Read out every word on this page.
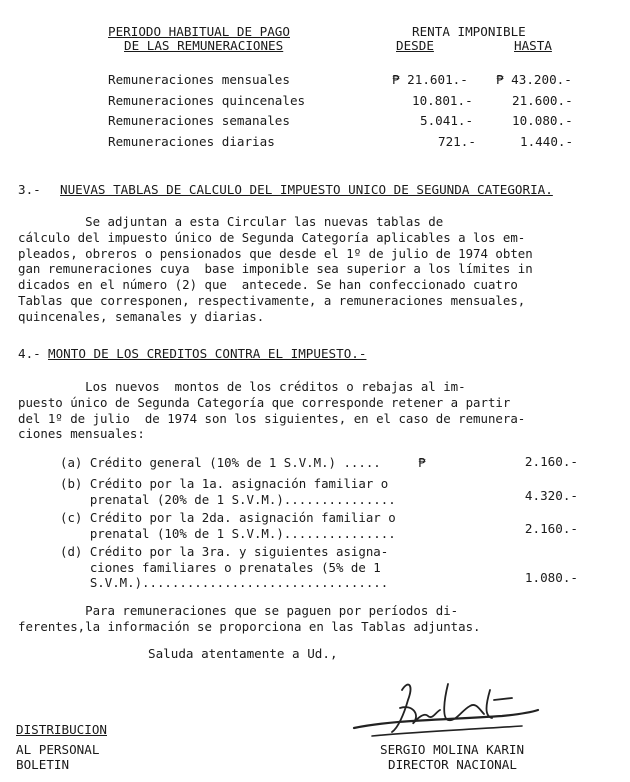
PERIODO HABITUAL DE PAGO
DE LAS REMUNERACIONES
RENTA IMPONIBLE
DESDE	HASTA
Remuneraciones mensuales	₱ 21.601.- ₱ 43.200.-
Remuneraciones quincenales	10.801.-	21.600.-
Remuneraciones semanales	5.041.-	10.080.-
Remuneraciones diarias	721.-	1.440.-
3.- NUEVAS TABLAS DE CALCULO DEL IMPUESTO UNICO DE SEGUNDA CATEGORIA.
Se adjuntan a esta Circular las nuevas tablas de
cálculo del impuesto único de Segunda Categoría aplicables a los em-
pleados, obreros o pensionados que desde el 1º de julio de 1974 obten
gan remuneraciones cuya  base imponible sea superior a los límites in
dicados en el número (2) que  antecede. Se han confeccionado cuatro
Tablas que corresponen, respectivamente, a remuneraciones mensuales,
quincenales, semanales y diarias.
4.- MONTO DE LOS CREDITOS CONTRA EL IMPUESTO.-
Los nuevos  montos de los créditos o rebajas al im-
puesto único de Segunda Categoría que corresponde retener a partir
del 1º de julio  de 1974 son los siguientes, en el caso de remunera-
ciones mensuales:
(a) Crédito general (10% de 1 S.V.M.) .....     ₱	2.160.-
(b) Crédito por la 1a. asignación familiar o
prenatal (20% de 1 S.V.M.)...............	4.320.-
(c) Crédito por la 2da. asignación familiar o
prenatal (10% de 1 S.V.M.)...............	2.160.-
(d) Crédito por la 3ra. y siguientes asigna-
ciones familiares o prenatales (5% de 1
S.V.M.).................................	1.080.-
Para remuneraciones que se paguen por períodos di-
ferentes,la información se proporciona en las Tablas adjuntas.
Saluda atentamente a Ud.,
DISTRIBUCION
AL PERSONAL
BOLETIN
SERGIO MOLINA KARIN
DIRECTOR NACIONAL
